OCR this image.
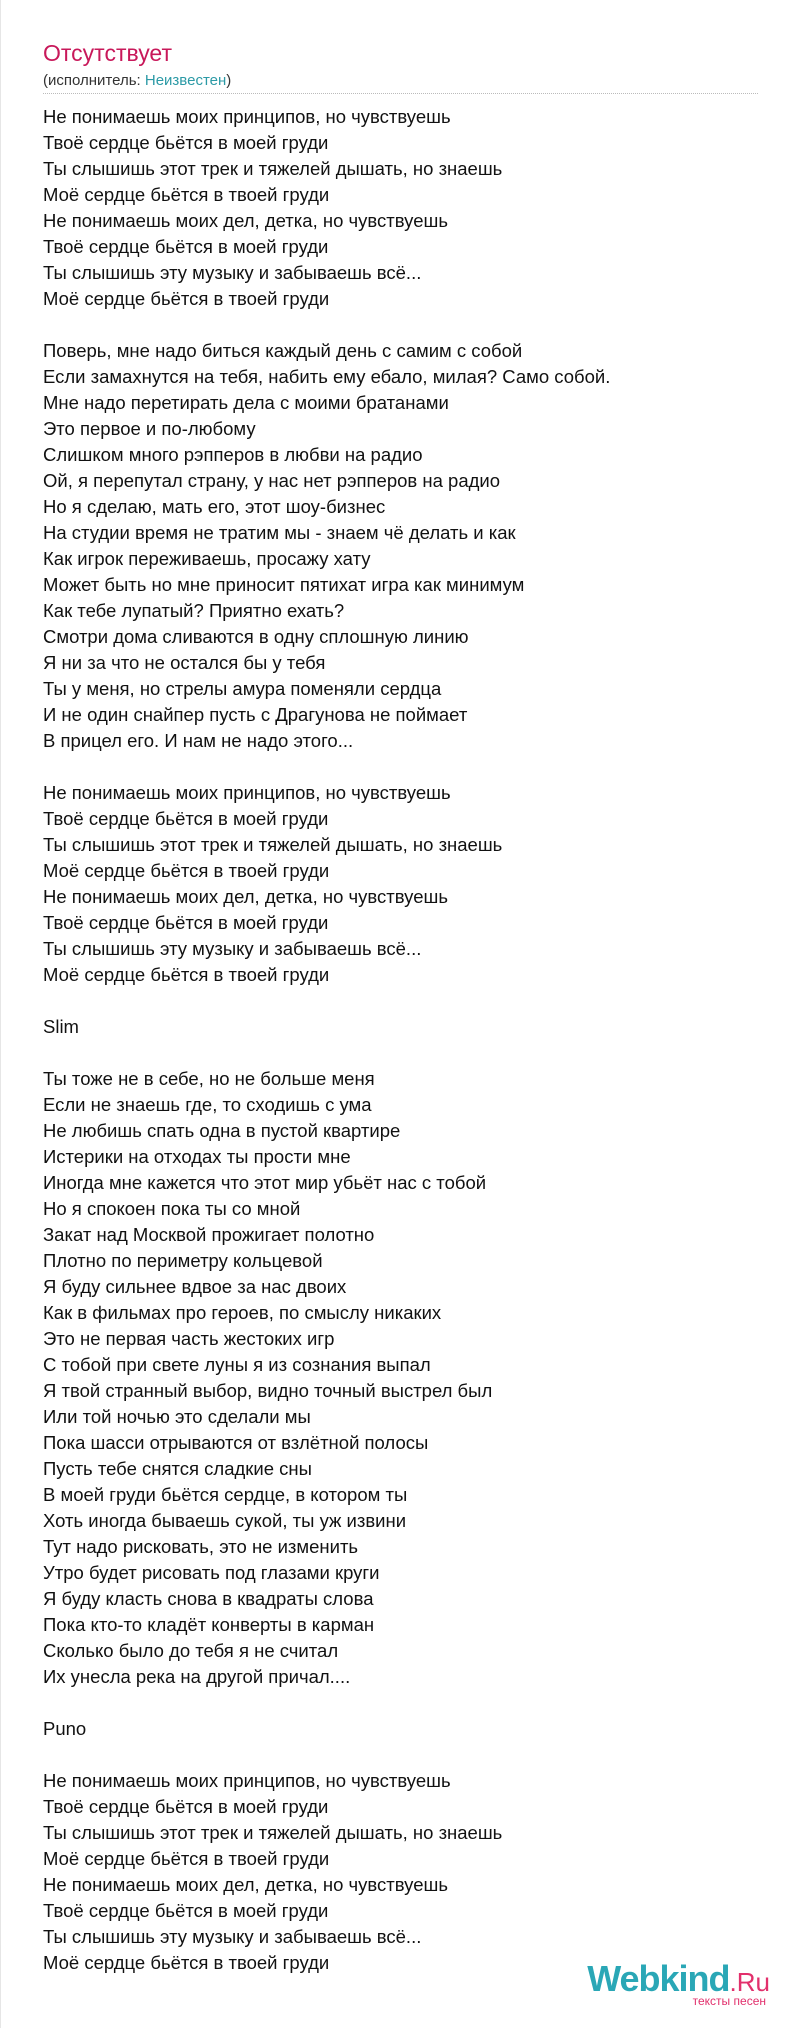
Отсутствует
(исполнитель: Неизвестен)
Не понимаешь моих принципов, но чувствуешь
Твоё сердце бьётся в моей груди
Ты слышишь этот трек и тяжелей дышать, но знаешь
Моё сердце бьётся в твоей груди
Не понимаешь моих дел, детка, но чувствуешь
Твоё сердце бьётся в моей груди
Ты слышишь эту музыку и забываешь всё...
Моё сердце бьётся в твоей груди
Поверь, мне надо биться каждый день с самим с собой
Если замахнутся на тебя, набить ему ебало, милая? Само собой.
Мне надо перетирать дела с моими братанами
Это первое и по-любому
Слишком много рэпперов в любви на радио
Ой, я перепутал страну, у нас нет рэпперов на радио
Но я сделаю, мать его, этот шоу-бизнес
На студии время не тратим мы - знаем чё делать и как
Как игрок переживаешь, просажу хату
Может быть но мне приносит пятихат игра как минимум
Как тебе лупатый? Приятно ехать?
Смотри дома сливаются в одну сплошную линию
Я ни за что не остался бы у тебя
Ты у меня, но стрелы амура поменяли сердца
И не один снайпер пусть с Драгунова не поймает
В прицел его. И нам не надо этого...
Не понимаешь моих принципов, но чувствуешь
Твоё сердце бьётся в моей груди
Ты слышишь этот трек и тяжелей дышать, но знаешь
Моё сердце бьётся в твоей груди
Не понимаешь моих дел, детка, но чувствуешь
Твоё сердце бьётся в моей груди
Ты слышишь эту музыку и забываешь всё...
Моё сердце бьётся в твоей груди
Slim
Ты тоже не в себе, но не больше меня
Если не знаешь где, то сходишь с ума
Не любишь спать одна в пустой квартире
Истерики на отходах ты прости мне
Иногда мне кажется что этот мир убьёт нас с тобой
Но я спокоен пока ты со мной
Закат над Москвой прожигает полотно
Плотно по периметру кольцевой
Я буду сильнее вдвое за нас двоих
Как в фильмах про героев, по смыслу никаких
Это не первая часть жестоких игр
С тобой при свете луны я из сознания выпал
Я твой странный выбор, видно точный выстрел был
Или той ночью это сделали мы
Пока шасси отрываются от взлётной полосы
Пусть тебе снятся сладкие сны
В моей груди бьётся сердце, в котором ты
Хоть иногда бываешь сукой, ты уж извини
Тут надо рисковать, это не изменить
Утро будет рисовать под глазами круги
Я буду класть снова в квадраты слова
Пока кто-то кладёт конверты в карман
Сколько было до тебя я не считал
Их унесла река на другой причал....
Puno
Не понимаешь моих принципов, но чувствуешь
Твоё сердце бьётся в моей груди
Ты слышишь этот трек и тяжелей дышать, но знаешь
Моё сердце бьётся в твоей груди
Не понимаешь моих дел, детка, но чувствуешь
Твоё сердце бьётся в моей груди
Ты слышишь эту музыку и забываешь всё...
Моё сердце бьётся в твоей груди	Webkind.Ru
тексты песен
